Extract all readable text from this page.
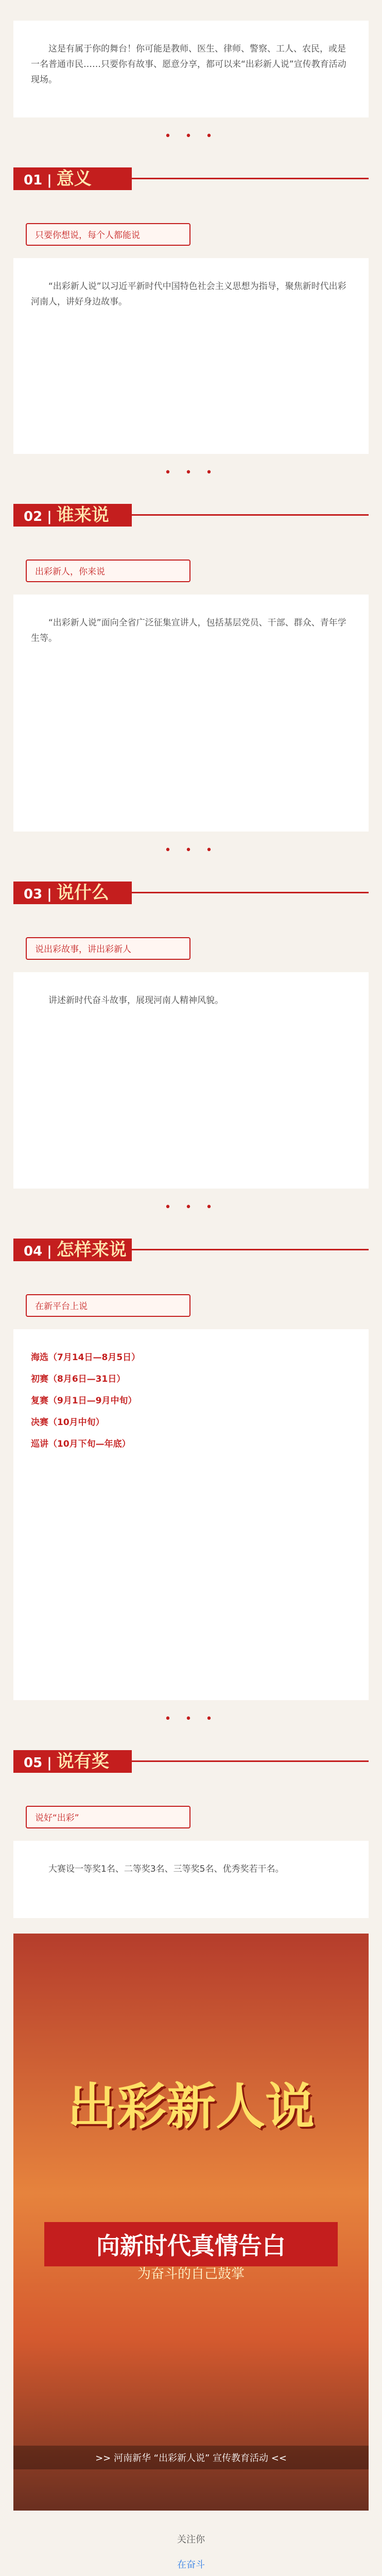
这是有属于你的舞台！你可能是教师、医生、律师、警察、工人、农民，或是一名普通市民……只要你有故事、愿意分享，都可以来“出彩新人说”宣传教育活动现场。

• • •
01 | 意义
只要你想说，每个人都能说

“出彩新人说”以习近平新时代中国特色社会主义思想为指导，聚焦新时代出彩河南人，讲好身边故事。

• • •
02 | 谁来说
出彩新人，你来说

“出彩新人说”面向全省广泛征集宣讲人，包括基层党员、干部、群众、青年学生等。

• • •
03 | 说什么
说出彩故事，讲出彩新人

讲述新时代奋斗故事，展现河南人精神风貌。

• • •
04 | 怎样来说
在新平台上说
海选（7月14日—8月5日）
初赛（8月6日—31日）
复赛（9月1日—9月中旬）
决赛（10月中旬）
巡讲（10月下旬—年底）
• • •
05 | 说有奖
说好“出彩”

大赛设一等奖1名、二等奖3名、三等奖5名、优秀奖若干名。

出彩新人说
向新时代真情告白
为奋斗的自己鼓掌
>> 河南新华 “出彩新人说” 宣传教育活动 <<
关注你
在奋斗
